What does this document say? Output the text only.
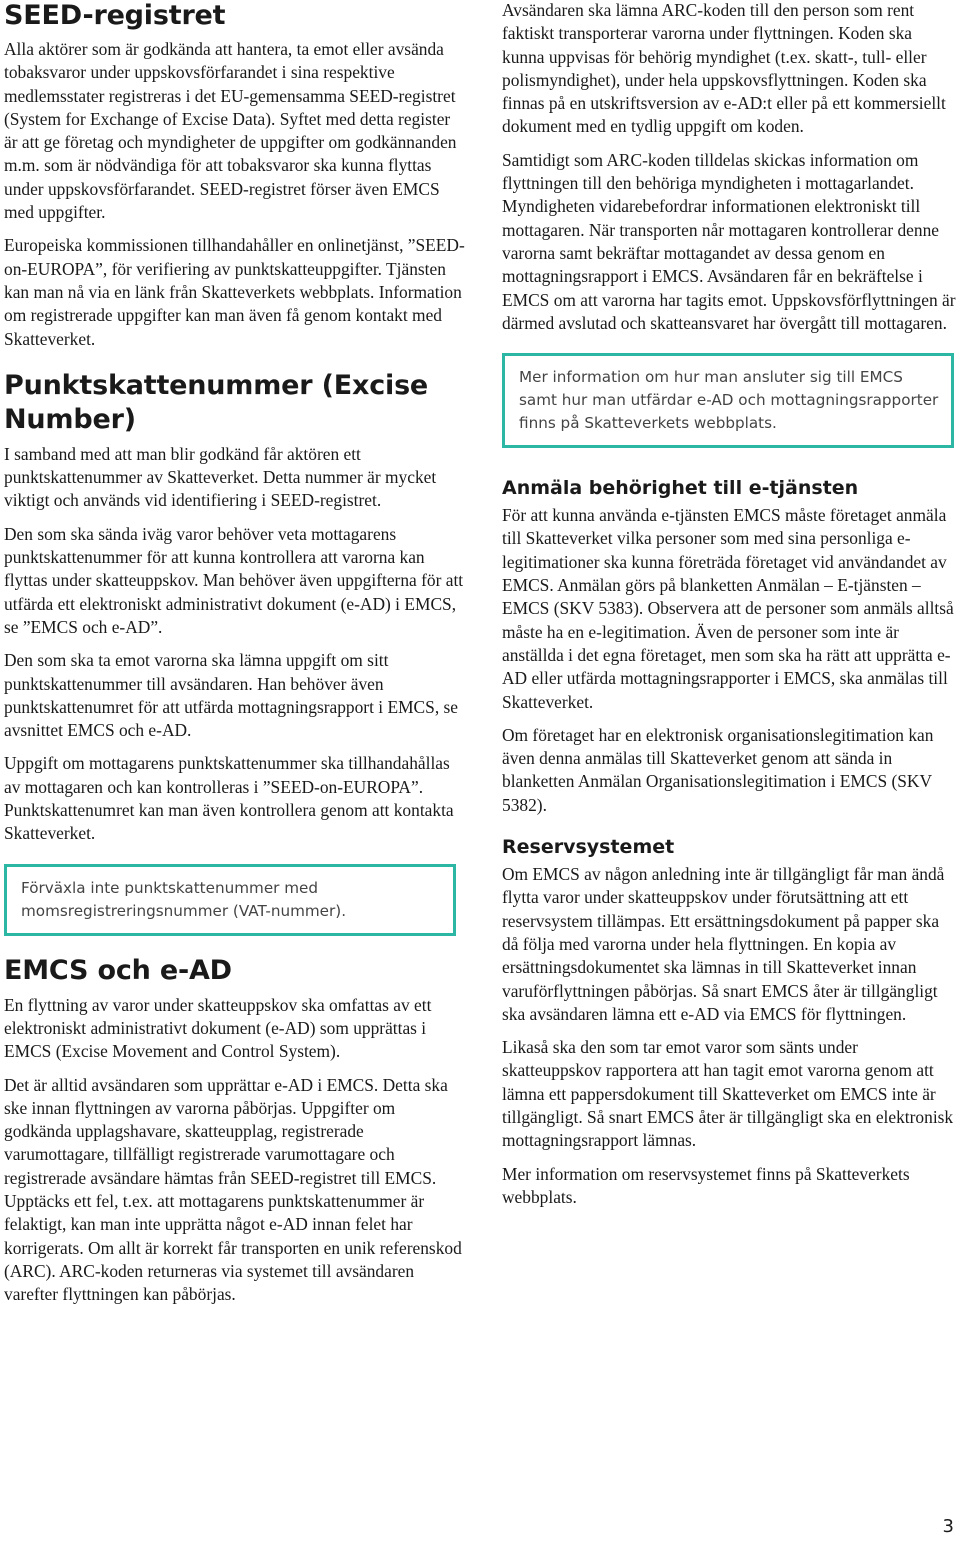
SEED-registret

Alla aktörer som är godkända att hantera, ta emot eller avsända tobaksvaror under uppskovsförfarandet i sina respektive medlemsstater registreras i det EU-gemensamma SEED-registret (System for Exchange of Excise Data). Syftet med detta register är att ge företag och myndigheter de uppgifter om godkännanden m.m. som är nödvändiga för att tobaksvaror ska kunna flyttas under uppskovsförfarandet. SEED-registret förser även EMCS med uppgifter.

Europeiska kommissionen tillhandahåller en onlinetjänst, ”SEED-on-EUROPA”, för verifiering av punktskatteuppgifter. Tjänsten kan man nå via en länk från Skatteverkets webbplats. Information om registrerade uppgifter kan man även få genom kontakt med Skatteverket.

Punktskattenummer (Excise Number)

I samband med att man blir godkänd får aktören ett punktskattenummer av Skatteverket. Detta nummer är mycket viktigt och används vid identifiering i SEED-registret.

Den som ska sända iväg varor behöver veta mottagarens punktskattenummer för att kunna kontrollera att varorna kan flyttas under skatteuppskov. Man behöver även uppgifterna för att utfärda ett elektroniskt administrativt dokument (e-AD) i EMCS, se ”EMCS och e-AD”.

Den som ska ta emot varorna ska lämna uppgift om sitt punktskattenummer till avsändaren. Han behöver även punktskattenumret för att utfärda mottagningsrapport i EMCS, se avsnittet EMCS och e-AD.

Uppgift om mottagarens punktskattenummer ska tillhandahållas av mottagaren och kan kontrolleras i ”SEED-on-EUROPA”. Punktskattenumret kan man även kontrollera genom att kontakta Skatteverket.

Förväxla inte punktskattenummer med momsregistreringsnummer (VAT-nummer).
EMCS och e-AD

En flyttning av varor under skatteuppskov ska omfattas av ett elektroniskt administrativt dokument (e-AD) som upprättas i EMCS (Excise Movement and Control System).

Det är alltid avsändaren som upprättar e-AD i EMCS. Detta ska ske innan flyttningen av varorna påbörjas. Uppgifter om godkända upplagshavare, skatteupplag, registrerade varumottagare, tillfälligt registrerade varumottagare och registrerade avsändare hämtas från SEED-registret till EMCS. Upptäcks ett fel, t.ex. att mottagarens punktskattenummer är felaktigt, kan man inte upprätta något e-AD innan felet har korrigerats. Om allt är korrekt får transporten en unik referenskod (ARC). ARC-koden returneras via systemet till avsändaren varefter flyttningen kan påbörjas.

Avsändaren ska lämna ARC-koden till den person som rent faktiskt transporterar varorna under flyttningen. Koden ska kunna uppvisas för behörig myndighet (t.ex. skatt-, tull- eller polismyndighet), under hela uppskovsflyttningen. Koden ska finnas på en utskriftsversion av e-AD:t eller på ett kommersiellt dokument med en tydlig uppgift om koden.

Samtidigt som ARC-koden tilldelas skickas information om flyttningen till den behöriga myndigheten i mottagarlandet. Myndigheten vidarebefordrar informationen elektroniskt till mottagaren. När transporten når mottagaren kontrollerar denne varorna samt bekräftar mottagandet av dessa genom en mottagningsrapport i EMCS. Avsändaren får en bekräftelse i EMCS om att varorna har tagits emot. Uppskovsförflyttningen är därmed avslutad och skatteansvaret har övergått till mottagaren.

Mer information om hur man ansluter sig till EMCS samt hur man utfärdar e-AD och mottagningsrapporter finns på Skatteverkets webbplats.
Anmäla behörighet till e-tjänsten

För att kunna använda e-tjänsten EMCS måste företaget anmäla till Skatteverket vilka personer som med sina personliga e-legitimationer ska kunna företräda företaget vid användandet av EMCS. Anmälan görs på blanketten Anmälan – E-tjänsten – EMCS (SKV 5383). Observera att de personer som anmäls alltså måste ha en e-legitimation. Även de personer som inte är anställda i det egna företaget, men som ska ha rätt att upprätta e-AD eller utfärda mottagningsrapporter i EMCS, ska anmälas till Skatteverket.

Om företaget har en elektronisk organisationslegitimation kan även denna anmälas till Skatteverket genom att sända in blanketten Anmälan Organisationslegitimation i EMCS (SKV 5382).

Reservsystemet

Om EMCS av någon anledning inte är tillgängligt får man ändå flytta varor under skatteuppskov under förutsättning att ett reservsystem tillämpas. Ett ersättningsdokument på papper ska då följa med varorna under hela flyttningen. En kopia av ersättningsdokumentet ska lämnas in till Skatteverket innan varuförflyttningen påbörjas. Så snart EMCS åter är tillgängligt ska avsändaren lämna ett e-AD via EMCS för flyttningen.

Likaså ska den som tar emot varor som sänts under skatteuppskov rapportera att han tagit emot varorna genom att lämna ett pappersdokument till Skatteverket om EMCS inte är tillgängligt. Så snart EMCS åter är tillgängligt ska en elektronisk mottagningsrapport lämnas.

Mer information om reservsystemet finns på Skatteverkets webbplats.

3
